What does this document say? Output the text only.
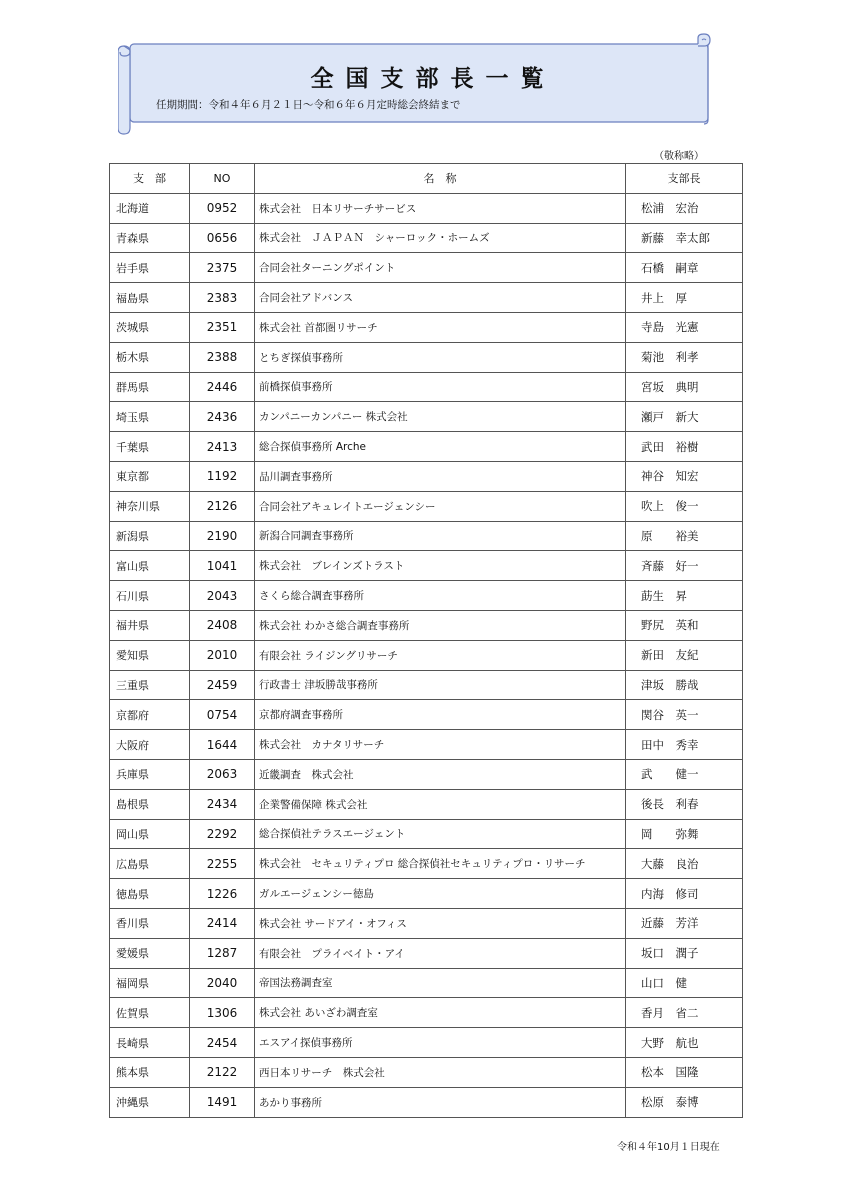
全国支部長一覧
任期期間：令和４年６月２１日～令和６年６月定時総会終結まで
（敬称略）
支　部	NO	名　称	支部長
北海道	0952	株式会社　日本リサーチサービス	松浦　宏治
青森県	0656	株式会社　ＪＡＰＡＮ　シャーロック・ホームズ	新藤　幸太郎
岩手県	2375	合同会社ターニングポイント	石橋　嗣章
福島県	2383	合同会社アドバンス	井上　厚
茨城県	2351	株式会社 首都圏リサーチ	寺島　光憲
栃木県	2388	とちぎ探偵事務所	菊池　利孝
群馬県	2446	前橋探偵事務所	宮坂　典明
埼玉県	2436	カンパニーカンパニー 株式会社	瀬戸　新大
千葉県	2413	総合探偵事務所 Arche	武田　裕樹
東京都	1192	品川調査事務所	神谷　知宏
神奈川県	2126	合同会社アキュレイトエージェンシー	吹上　俊一
新潟県	2190	新潟合同調査事務所	原　　裕美
富山県	1041	株式会社　ブレインズトラスト	斉藤　好一
石川県	2043	さくら総合調査事務所	莇生　昇
福井県	2408	株式会社 わかさ総合調査事務所	野尻　英和
愛知県	2010	有限会社 ライジングリサーチ	新田　友紀
三重県	2459	行政書士 津坂勝哉事務所	津坂　勝哉
京都府	0754	京都府調査事務所	関谷　英一
大阪府	1644	株式会社　カナタリサーチ	田中　秀幸
兵庫県	2063	近畿調査　株式会社	武　　健一
島根県	2434	企業警備保障 株式会社	後長　利春
岡山県	2292	総合探偵社テラスエージェント	岡　　弥舞
広島県	2255	株式会社　セキュリティプロ 総合探偵社セキュリティプロ・リサーチ	大藤　良治
徳島県	1226	ガルエージェンシー徳島	内海　修司
香川県	2414	株式会社 サードアイ・オフィス	近藤　芳洋
愛媛県	1287	有限会社　プライベイト・アイ	坂口　潤子
福岡県	2040	帝国法務調査室	山口　健
佐賀県	1306	株式会社 あいざわ調査室	香月　省二
長崎県	2454	エスアイ探偵事務所	大野　航也
熊本県	2122	西日本リサーチ　株式会社	松本　国隆
沖縄県	1491	あかり事務所	松原　泰博
令和４年10月１日現在
